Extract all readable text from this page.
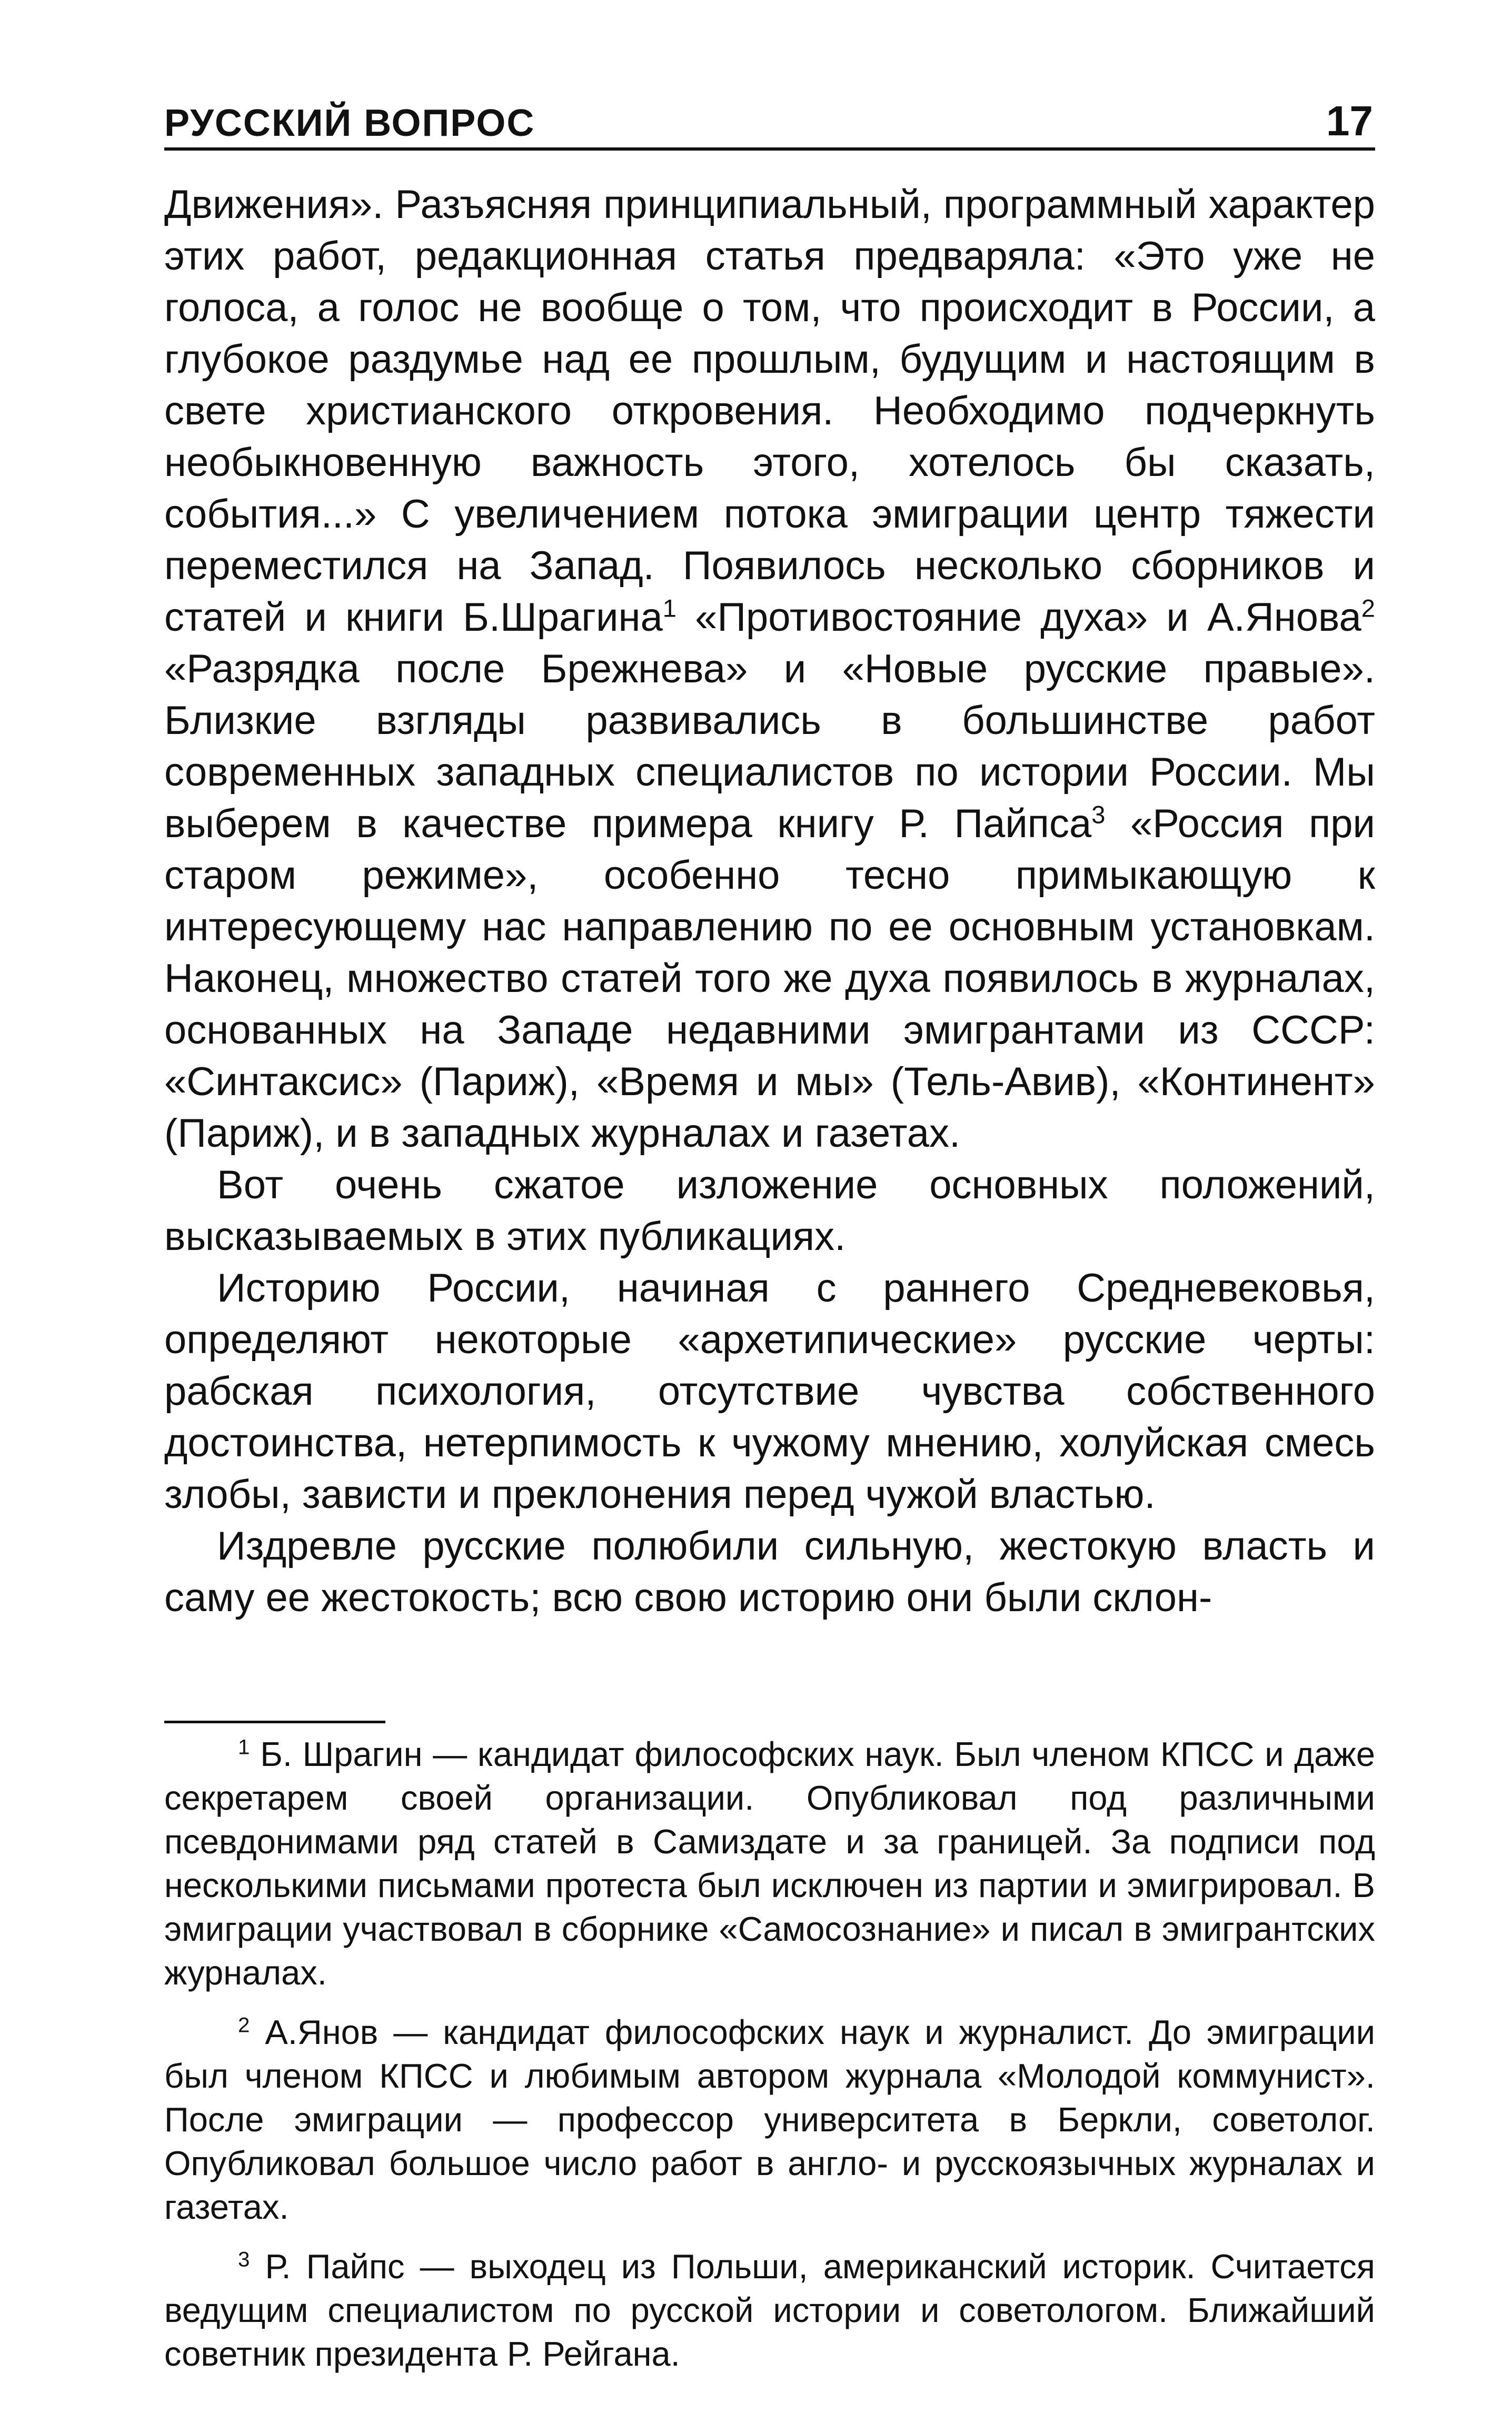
РУССКИЙ ВОПРОС	17

Движения». Разъясняя принципиальный, программный характер этих работ, редакционная статья предваряла: «Это уже не голоса, а голос не вообще о том, что происходит в России, а глубокое раздумье над ее прошлым, будущим и настоящим в свете христианского откровения. Необходимо подчеркнуть необыкновенную важность этого, хотелось бы сказать, события...» С увеличением потока эмиграции центр тяжести переместился на Запад. Появилось несколько сборников и статей и книги Б.Шрагина$^1$ «Противостояние духа» и А.Янова$^2$ «Разрядка после Брежнева» и «Новые русские правые». Близкие взгляды развивались в большинстве работ современных западных специалистов по истории России. Мы выберем в качестве примера книгу Р. Пайпса$^3$ «Россия при старом режиме», особенно тесно примыкающую к интересующему нас направлению по ее основным установкам. Наконец, множество статей того же духа появилось в журналах, основанных на Западе недавними эмигрантами из СССР: «Синтаксис» (Париж), «Время и мы» (Тель-Авив), «Континент» (Париж), и в западных журналах и газетах.

Вот очень сжатое изложение основных положений, высказываемых в этих публикациях.

Историю России, начиная с раннего Средневековья, определяют некоторые «архетипические» русские черты: рабская психология, отсутствие чувства собственного достоинства, нетерпимость к чужому мнению, холуйская смесь злобы, зависти и преклонения перед чужой властью.

Издревле русские полюбили сильную, жестокую власть и саму ее жестокость; всю свою историю они были склон-

$^1$ Б. Шрагин — кандидат философских наук. Был членом КПСС и даже секретарем своей организации. Опубликовал под различными псевдонимами ряд статей в Самиздате и за границей. За подписи под несколькими письмами протеста был исключен из партии и эмигрировал. В эмиграции участвовал в сборнике «Самосознание» и писал в эмигрантских журналах.

$^2$ А.Янов — кандидат философских наук и журналист. До эмиграции был членом КПСС и любимым автором журнала «Молодой коммунист». После эмиграции — профессор университета в Беркли, советолог. Опубликовал большое число работ в англо- и русскоязычных журналах и газетах.

$^3$ Р. Пайпс — выходец из Польши, американский историк. Считается ведущим специалистом по русской истории и советологом. Ближайший советник президента Р. Рейгана.
